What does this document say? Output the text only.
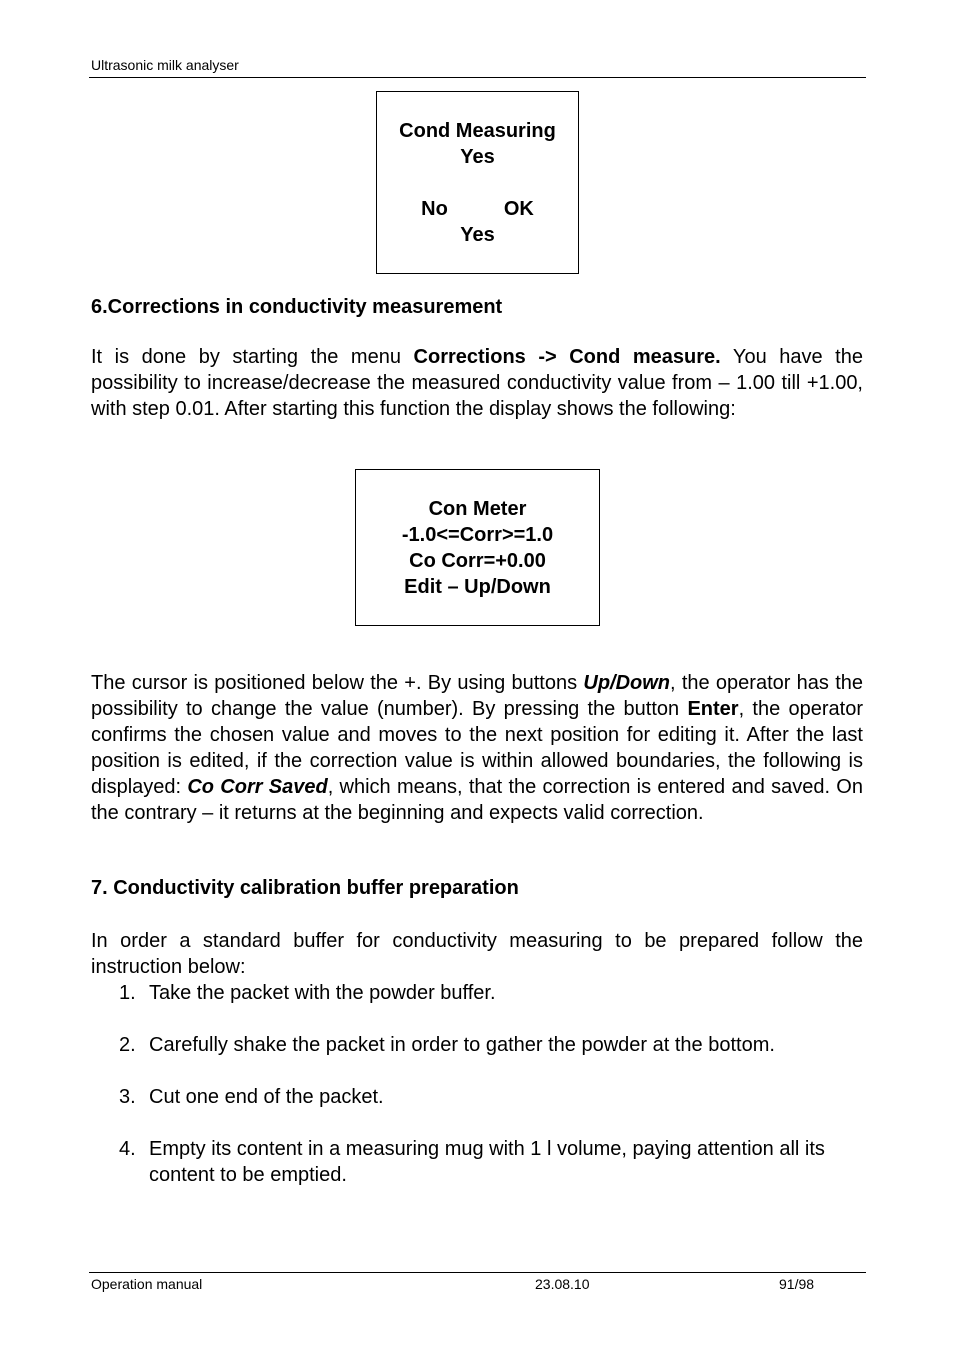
Ultrasonic milk analyser
Cond Measuring
Yes
No	OK
Yes
6.Corrections in conductivity measurement

It is done by starting the menu Corrections -> Cond measure. You have the possibility to increase/decrease the measured conductivity value from – 1.00 till +1.00, with step 0.01. After starting this function the display shows the following:

Con Meter
-1.0<=Corr>=1.0
Co Corr=+0.00
Edit – Up/Down

The cursor is positioned below the +. By using buttons Up/Down, the operator has the possibility to change the value (number). By pressing the button Enter, the operator confirms the chosen value and moves to the next position for editing it. After the last position is edited, if the correction value is within allowed boundaries, the following is displayed: Co Corr Saved, which means, that the correction is entered and saved. On the contrary – it returns at the beginning and expects valid correction.

7. Conductivity calibration buffer preparation

In order a standard buffer for conductivity measuring to be prepared follow the instruction below:

1. Take the packet with the powder buffer.
2. Carefully shake the packet in order to gather the powder at the bottom.
3. Cut one end of the packet.
4. Empty its content in a measuring mug with 1 l volume, paying attention all its content to be emptied.
Operation manual	23.08.10	91/98
